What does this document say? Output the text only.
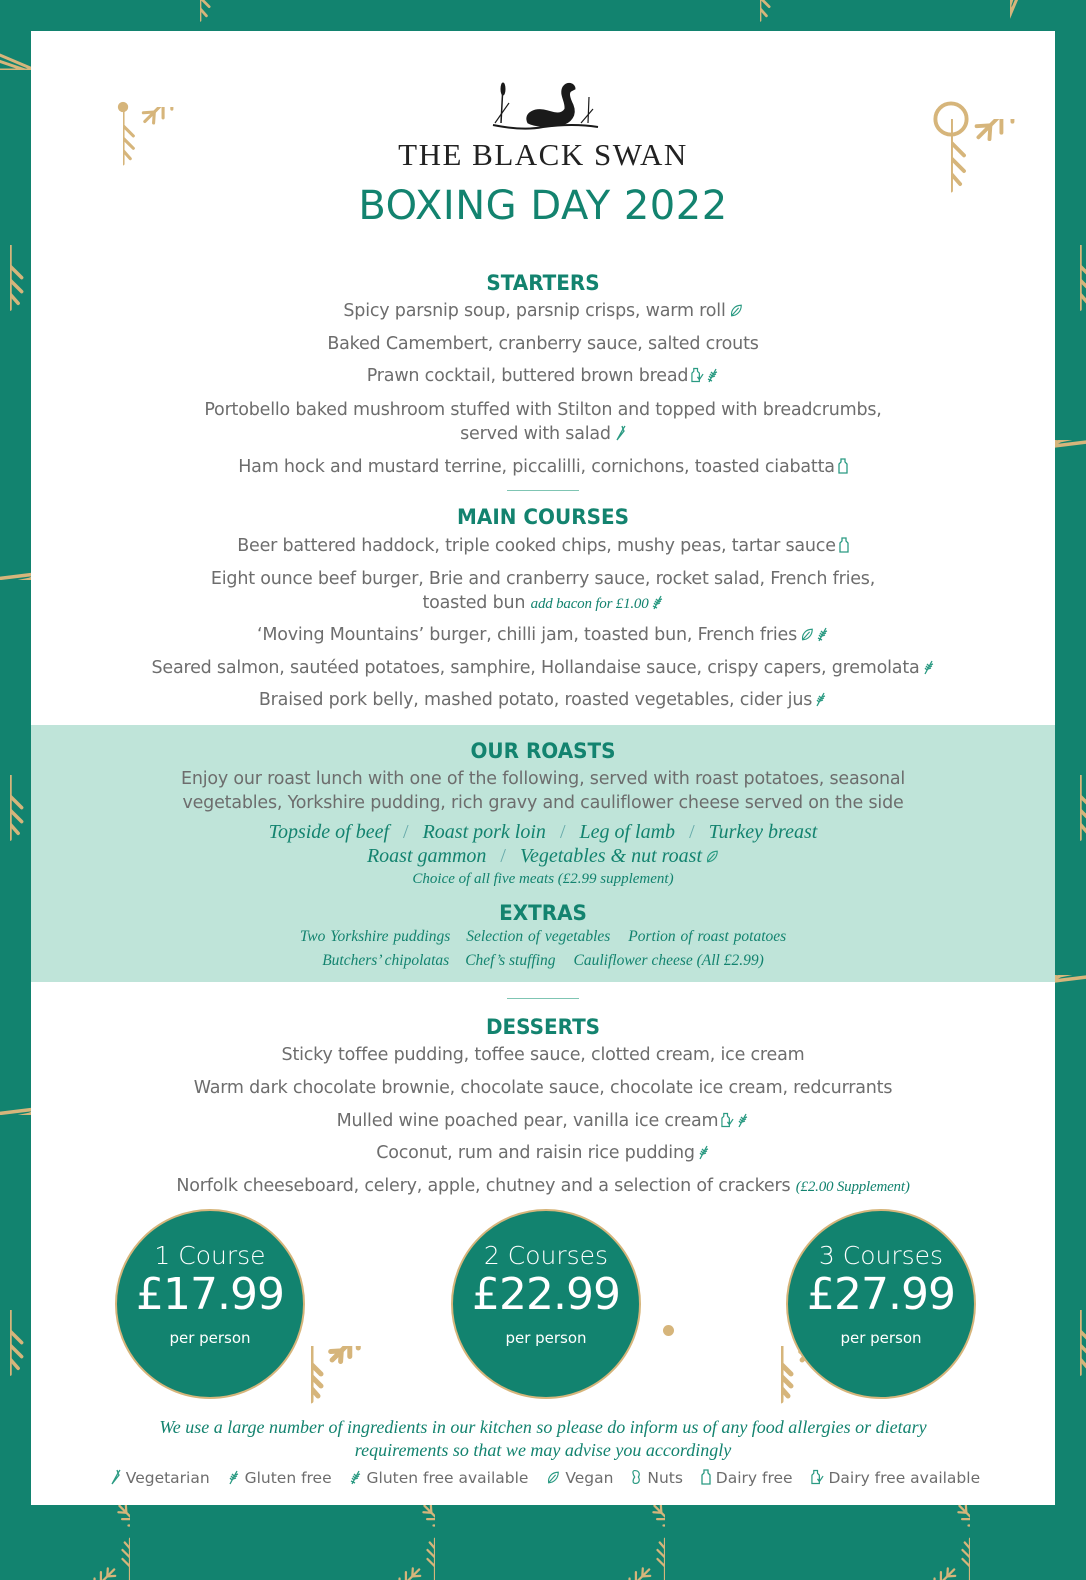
THE BLACK SWAN
BOXING DAY 2022
STARTERS
Spicy parsnip soup, parsnip crisps, warm roll
Baked Camembert, cranberry sauce, salted crouts
Prawn cocktail, buttered brown bread
Portobello baked mushroom stuffed with Stilton and topped with breadcrumbs,
served with salad
Ham hock and mustard terrine, piccalilli, cornichons, toasted ciabatta
MAIN COURSES
Beer battered haddock, triple cooked chips, mushy peas, tartar sauce
Eight ounce beef burger, Brie and cranberry sauce, rocket salad, French fries,
toasted bun add bacon for £1.00
‘Moving Mountains’ burger, chilli jam, toasted bun, French fries
Seared salmon, sautéed potatoes, samphire, Hollandaise sauce, crispy capers, gremolata
Braised pork belly, mashed potato, roasted vegetables, cider jus
OUR ROASTS
Enjoy our roast lunch with one of the following, served with roast potatoes, seasonal
vegetables, Yorkshire pudding, rich gravy and cauliflower cheese served on the side
Topside of beef / Roast pork loin / Leg of lamb / Turkey breast
Roast gammon / Vegetables & nut roast
Choice of all five meats (£2.99 supplement)
EXTRAS
Two Yorkshire puddings Selection of vegetables Portion of roast potatoes
Butchers’ chipolatas Chef’s stuffing Cauliflower cheese (All £2.99)
DESSERTS
Sticky toffee pudding, toffee sauce, clotted cream, ice cream
Warm dark chocolate brownie, chocolate sauce, chocolate ice cream, redcurrants
Mulled wine poached pear, vanilla ice cream
Coconut, rum and raisin rice pudding
Norfolk cheeseboard, celery, apple, chutney and a selection of crackers (£2.00 Supplement)
1 Course
£17.99
per person
2 Courses
£22.99
per person
3 Courses
£27.99
per person
We use a large number of ingredients in our kitchen so please do inform us of any food allergies or dietary
requirements so that we may advise you accordingly
Vegetarian Gluten free Gluten free available Vegan Nuts Dairy free Dairy free available
